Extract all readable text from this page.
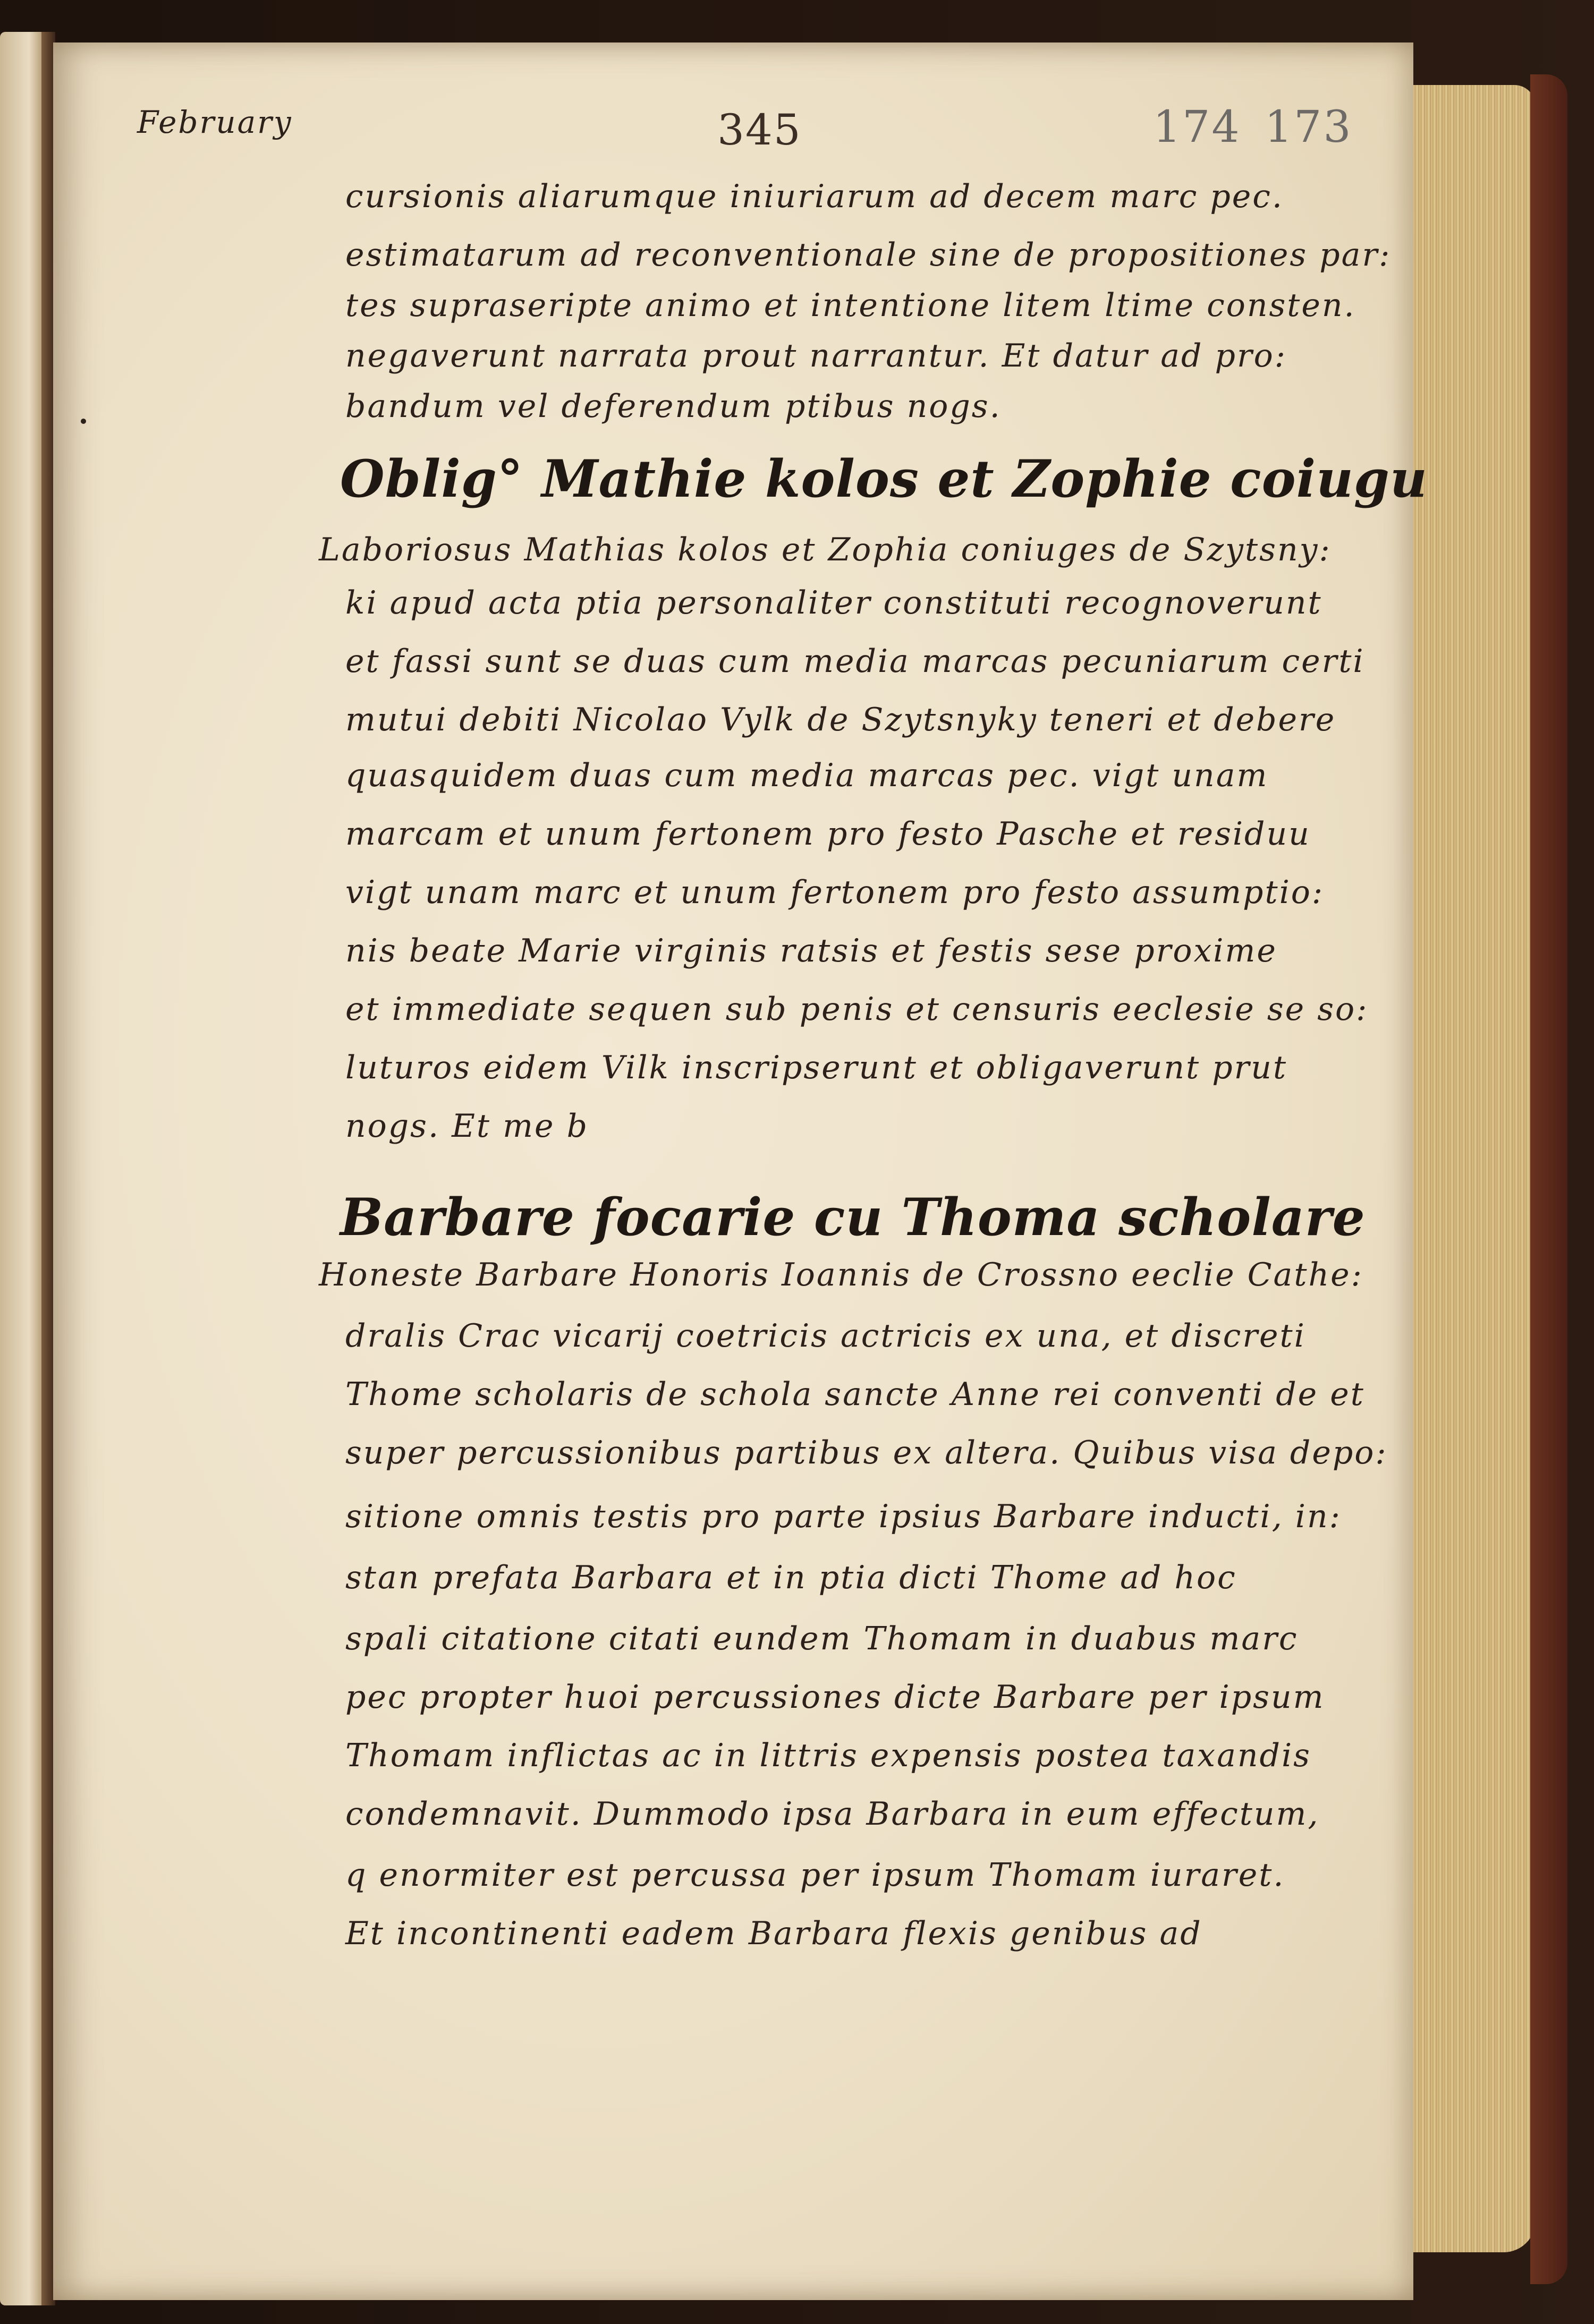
February	345	174 173
cursionis aliarumque iniuriarum ad decem marc pec.
estimatarum ad reconventionale sine de propositiones par:
tes supraseripte animo et intentione litem ltime consten.
negaverunt narrata prout narrantur. Et datur ad pro:
bandum vel deferendum ptibus nogs.
Oblig° Mathie kolos et Zophie coiugu
Laboriosus Mathias kolos et Zophia coniuges de Szytsny:
ki apud acta ptia personaliter constituti recognoverunt
et fassi sunt se duas cum media marcas pecuniarum certi
mutui debiti Nicolao Vylk de Szytsnyky teneri et debere
quasquidem duas cum media marcas pec. vigt unam
marcam et unum fertonem pro festo Pasche et residuu
vigt unam marc et unum fertonem pro festo assumptio:
nis beate Marie virginis ratsis et festis sese proxime
et immediate sequen sub penis et censuris eeclesie se so:
luturos eidem Vilk inscripserunt et obligaverunt prut
nogs. Et me b
Barbare focarie cu Thoma scholare
Honeste Barbare Honoris Ioannis de Crossno eeclie Cathe:
dralis Crac vicarij coetricis actricis ex una, et discreti
Thome scholaris de schola sancte Anne rei conventi de et
super percussionibus partibus ex altera. Quibus visa depo:
sitione omnis testis pro parte ipsius Barbare inducti, in:
stan prefata Barbara et in ptia dicti Thome ad hoc
spali citatione citati eundem Thomam in duabus marc
pec propter huoi percussiones dicte Barbare per ipsum
Thomam inflictas ac in littris expensis postea taxandis
condemnavit. Dummodo ipsa Barbara in eum effectum,
q enormiter est percussa per ipsum Thomam iuraret.
Et incontinenti eadem Barbara flexis genibus ad
